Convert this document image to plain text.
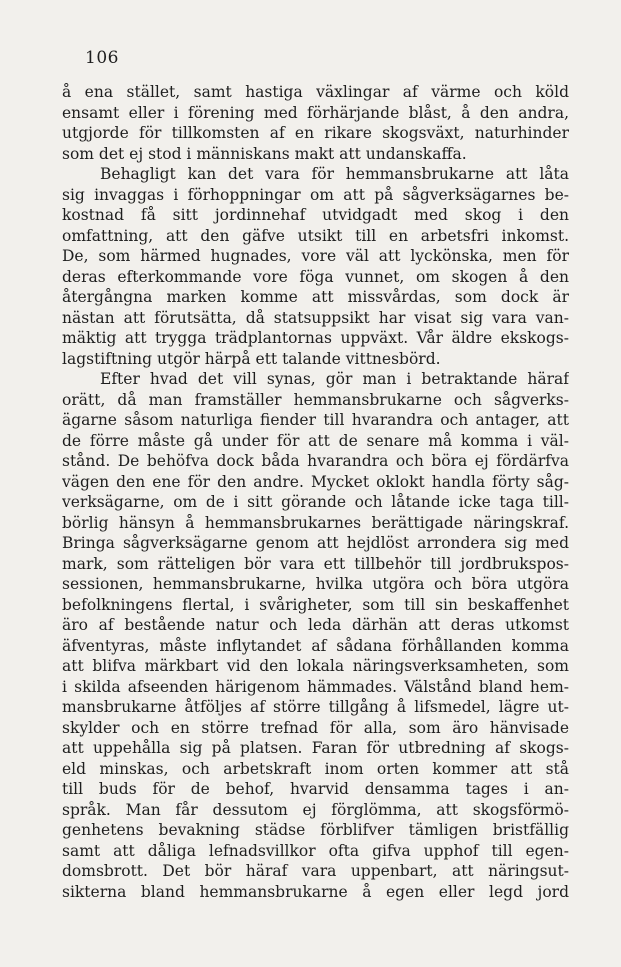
106
å ena stället, samt hastiga växlingar af värme och köld
ensamt eller i förening med förhärjande blåst, å den andra,
utgjorde för tillkomsten af en rikare skogsväxt, naturhinder
som det ej stod i människans makt att undanskaffa.
Behagligt kan det vara för hemmansbrukarne att låta
sig invaggas i förhoppningar om att på sågverksägarnes be-
kostnad få sitt jordinnehaf utvidgadt med skog i den
omfattning, att den gäfve utsikt till en arbetsfri inkomst.
De, som härmed hugnades, vore väl att lyckönska, men för
deras efterkommande vore föga vunnet, om skogen å den
återgångna marken komme att missvårdas, som dock är
nästan att förutsätta, då statsuppsikt har visat sig vara van-
mäktig att trygga trädplantornas uppväxt. Vår äldre ekskogs-
lagstiftning utgör härpå ett talande vittnesbörd.
Efter hvad det vill synas, gör man i betraktande häraf
orätt, då man framställer hemmansbrukarne och sågverks-
ägarne såsom naturliga fiender till hvarandra och antager, att
de förre måste gå under för att de senare må komma i väl-
stånd. De behöfva dock båda hvarandra och böra ej fördärfva
vägen den ene för den andre. Mycket oklokt handla förty såg-
verksägarne, om de i sitt görande och låtande icke taga till-
börlig hänsyn å hemmansbrukarnes berättigade näringskraf.
Bringa sågverksägarne genom att hejdlöst arrondera sig med
mark, som rätteligen bör vara ett tillbehör till jordbrukspos-
sessionen, hemmansbrukarne, hvilka utgöra och böra utgöra
befolkningens flertal, i svårigheter, som till sin beskaffenhet
äro af bestående natur och leda därhän att deras utkomst
äfventyras, måste inflytandet af sådana förhållanden komma
att blifva märkbart vid den lokala näringsverksamheten, som
i skilda afseenden härigenom hämmades. Välstånd bland hem-
mansbrukarne åtföljes af större tillgång å lifsmedel, lägre ut-
skylder och en större trefnad för alla, som äro hänvisade
att uppehålla sig på platsen. Faran för utbredning af skogs-
eld minskas, och arbetskraft inom orten kommer att stå
till buds för de behof, hvarvid densamma tages i an-
språk. Man får dessutom ej förglömma, att skogsförmö-
genhetens bevakning städse förblifver tämligen bristfällig
samt att dåliga lefnadsvillkor ofta gifva upphof till egen-
domsbrott. Det bör häraf vara uppenbart, att näringsut-
sikterna bland hemmansbrukarne å egen eller legd jord
